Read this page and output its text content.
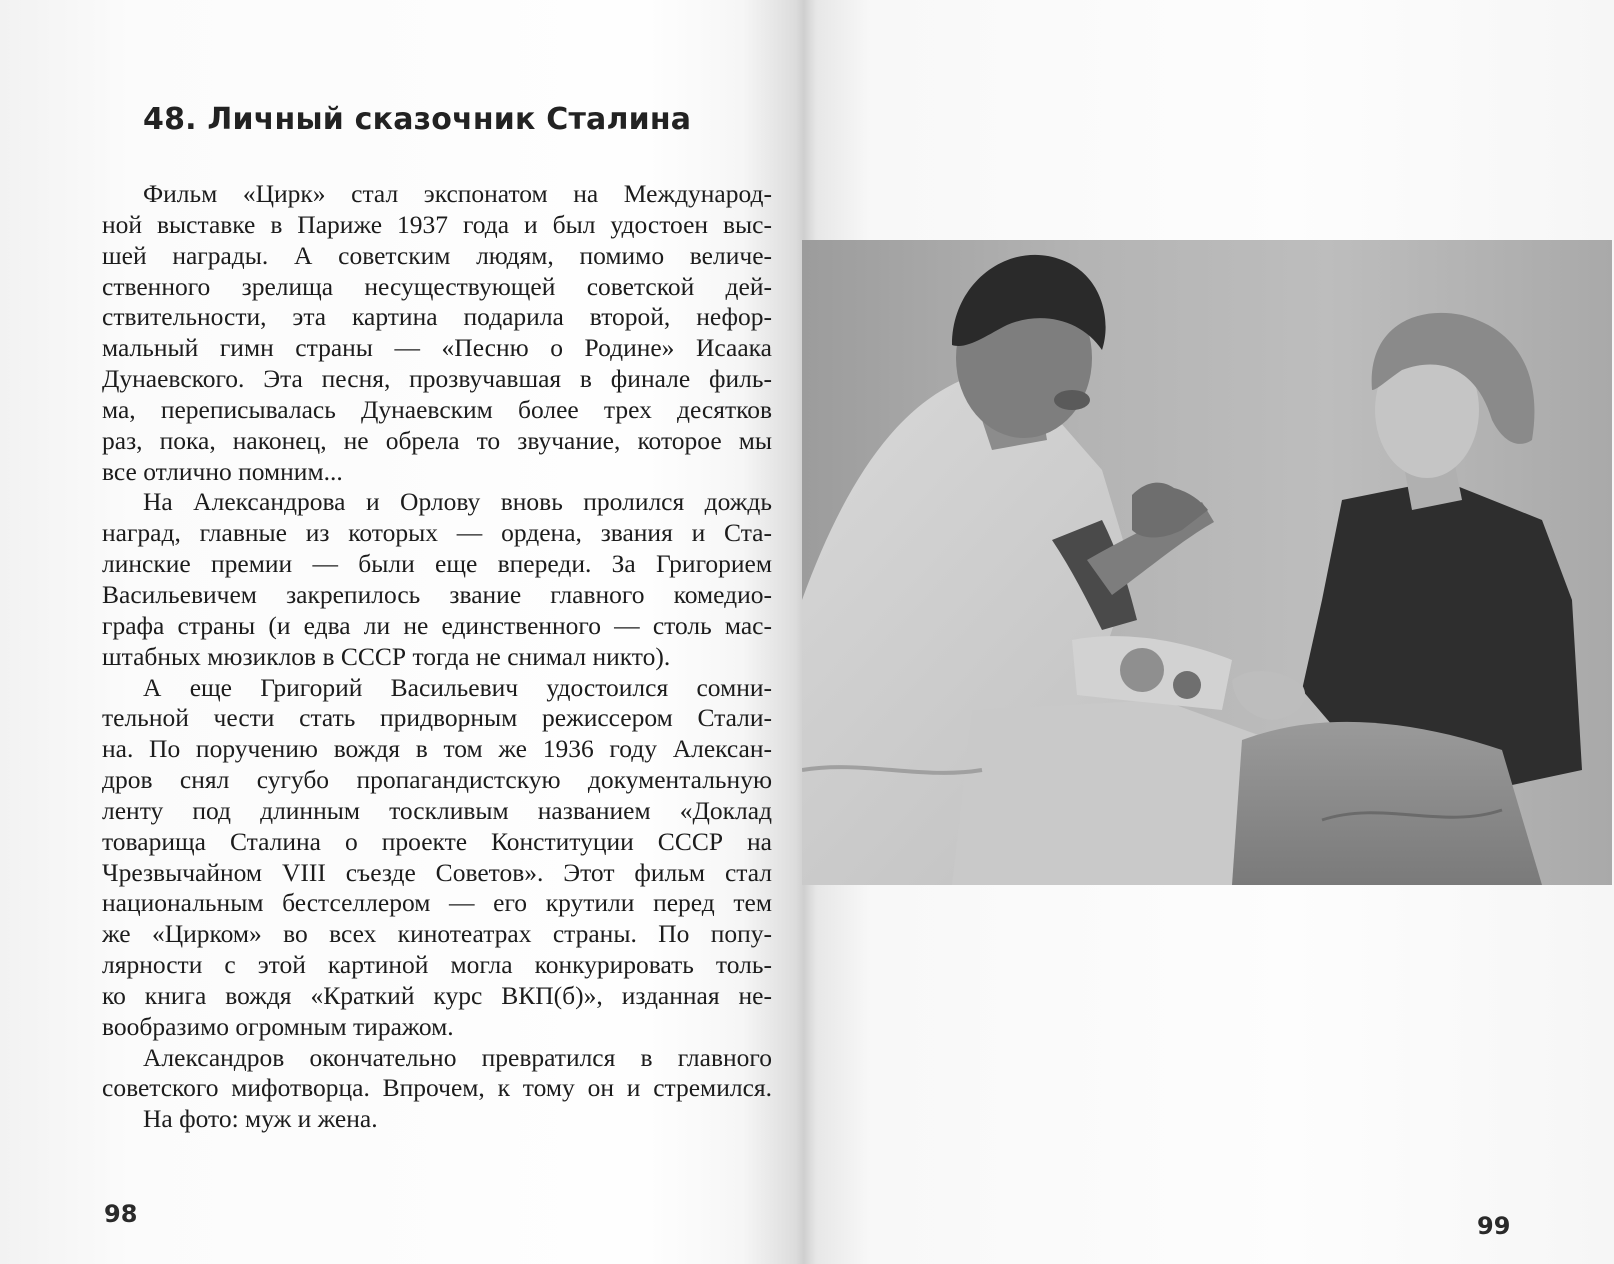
48. Личный сказочник Сталина
Фильм «Цирк» стал экспонатом на Международ-
ной выставке в Париже 1937 года и был удостоен выс-
шей награды. А советским людям, помимо величе-
ственного зрелища несуществующей советской дей-
ствительности, эта картина подарила второй, нефор-
мальный гимн страны — «Песню о Родине» Исаака
Дунаевского. Эта песня, прозвучавшая в финале филь-
ма, переписывалась Дунаевским более трех десятков
раз, пока, наконец, не обрела то звучание, которое мы
все отлично помним...
На Александрова и Орлову вновь пролился дождь
наград, главные из которых — ордена, звания и Ста-
линские премии — были еще впереди. За Григорием
Васильевичем закрепилось звание главного комедио-
графа страны (и едва ли не единственного — столь мас-
штабных мюзиклов в СССР тогда не снимал никто).
А еще Григорий Васильевич удостоился сомни-
тельной чести стать придворным режиссером Стали-
на. По поручению вождя в том же 1936 году Алексан-
дров снял сугубо пропагандистскую документальную
ленту под длинным тоскливым названием «Доклад
товарища Сталина о проекте Конституции СССР на
Чрезвычайном VIII съезде Советов». Этот фильм стал
национальным бестселлером — его крутили перед тем
же «Цирком» во всех кинотеатрах страны. По попу-
лярности с этой картиной могла конкурировать толь-
ко книга вождя «Краткий курс ВКП(б)», изданная не-
вообразимо огромным тиражом.
Александров окончательно превратился в главного
советского мифотворца. Впрочем, к тому он и стремился.
На фото: муж и жена.
98	99
